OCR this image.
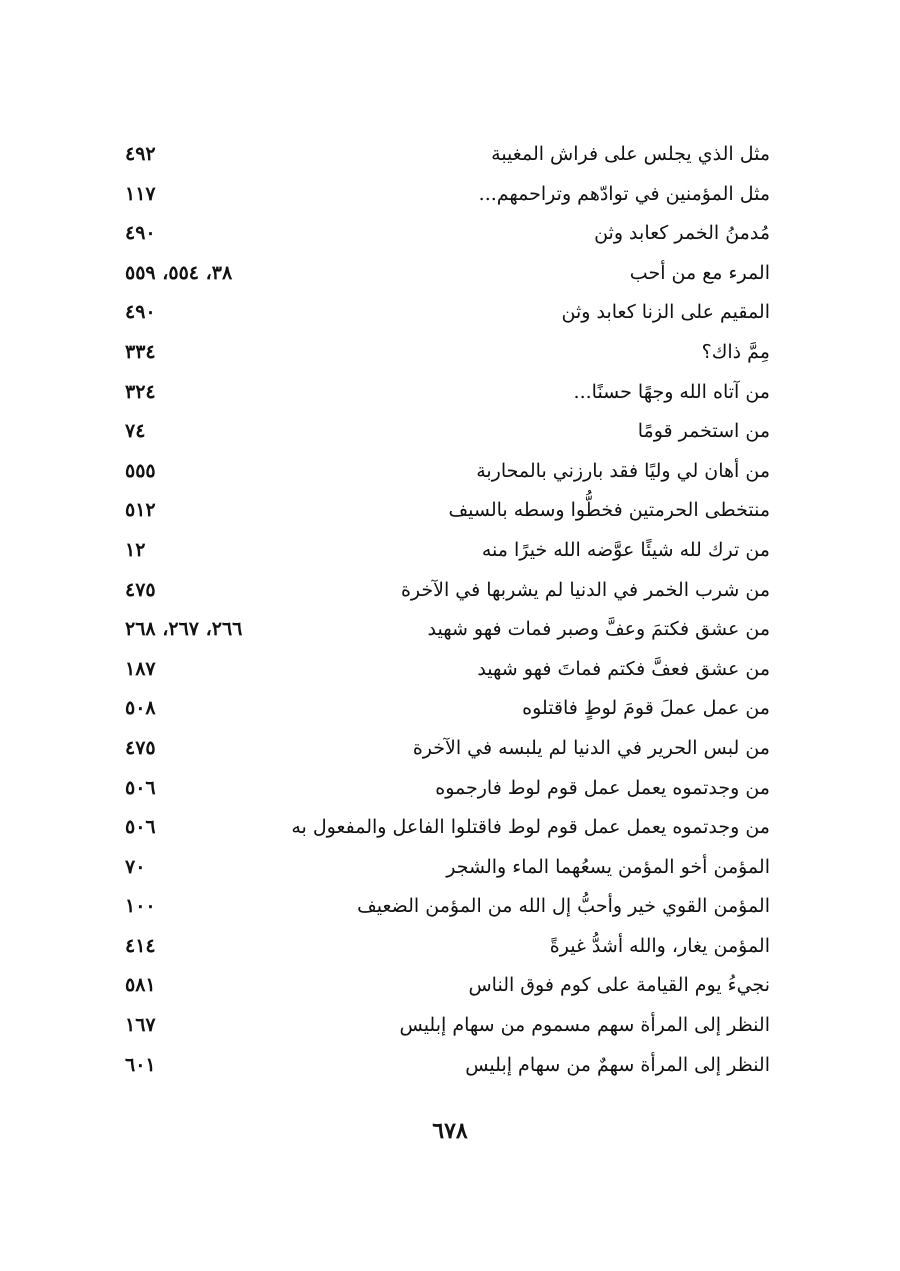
مثل الذي يجلس على فراش المغيبة
٤٩٢
مثل المؤمنين في توادّهم وتراحمهم...
١١٧
مُدمنُ الخمر كعابد وثن
٤٩٠
المرء مع من أحب
٣٨، ٥٥٤، ٥٥٩
المقيم على الزنا كعابد وثن
٤٩٠
مِمَّ ذاك؟
٣٣٤
من آتاه الله وجهًا حسنًا...
٣٢٤
من استخمر قومًا
٧٤
من أهان لي وليًا فقد بارزني بالمحاربة
٥٥٥
منتخطى الحرمتين فخطُّوا وسطه بالسيف
٥١٢
من ترك لله شيئًا عوَّضه الله خيرًا منه
١٢
من شرب الخمر في الدنيا لم يشربها في الآخرة
٤٧٥
من عشق فكتمَ وعفَّ وصبر فمات فهو شهيد
٢٦٦، ٢٦٧، ٢٦٨
من عشق فعفَّ فكتم فماتَ فهو شهيد
١٨٧
من عمل عملَ قومَ لوطٍ فاقتلوه
٥٠٨
من لبس الحرير في الدنيا لم يلبسه في الآخرة
٤٧٥
من وجدتموه يعمل عمل قوم لوط فارجموه
٥٠٦
من وجدتموه يعمل عمل قوم لوط فاقتلوا الفاعل والمفعول به
٥٠٦
المؤمن أخو المؤمن يسعُهما الماء والشجر
٧٠
المؤمن القوي خير وأحبُّ إل الله من المؤمن الضعيف
١٠٠
المؤمن يغار، والله أشدُّ غيرةً
٤١٤
نجيءُ يوم القيامة على كوم فوق الناس
٥٨١
النظر إلى المرأة سهم مسموم من سهام إبليس
١٦٧
النظر إلى المرأة سهمٌ من سهام إبليس
٦٠١
٦٧٨
